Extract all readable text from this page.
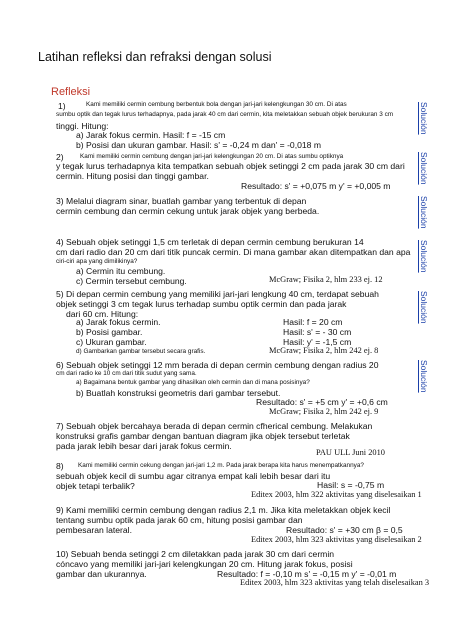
Latihan refleksi dan refraksi dengan solusi
Refleksi
1)	Kami memiliki cermin cembung berbentuk bola dengan jari-jari kelengkungan 30 cm. Di atas
sumbu optik dan tegak lurus terhadapnya, pada jarak 40 cm dari cermin, kita meletakkan sebuah objek berukuran 3 cm
tinggi. Hitung:
a) Jarak fokus cermin. Hasil: f = -15 cm
b) Posisi dan ukuran gambar. Hasil: s' = -0,24 m dan' = -0,018 m
2)	Kami memiliki cermin cembung dengan jari-jari kelengkungan 20 cm. Di atas sumbu optiknya
y tegak lurus terhadapnya kita tempatkan sebuah objek setinggi 2 cm pada jarak 30 cm dari
cermin. Hitung posisi dan tinggi gambar.
Resultado: s' = +0,075 m y' = +0,005 m
3) Melalui diagram sinar, buatlah gambar yang terbentuk di depan
cermin cembung dan cermin cekung untuk jarak objek yang berbeda.
4) Sebuah objek setinggi 1,5 cm terletak di depan cermin cembung berukuran 14
cm dari radio dan 20 cm dari titik puncak cermin. Di mana gambar akan ditempatkan dan apa
ciri-ciri apa yang dimilikinya?
a) Cermin itu cembung.
c) Cermin tersebut cembung.	McGraw; Fisika 2, hlm 233 ej. 12
5) Di depan cermin cembung yang memiliki jari-jari lengkung 40 cm, terdapat sebuah
objek setinggi 3 cm tegak lurus terhadap sumbu optik cermin dan pada jarak
dari 60 cm. Hitung:
a) Jarak fokus cermin.	Hasil: f = 20 cm
b) Posisi gambar.	Hasil: s' = - 30 cm
c) Ukuran gambar.	Hasil: y' = -1,5 cm
d) Gambarkan gambar tersebut secara grafis.	McGraw; Fisika 2, hlm 242 ej. 8
6) Sebuah objek setinggi 12 mm berada di depan cermin cembung dengan radius 20
cm dari radio ke 10 cm dari titik sudut yang sama.
a) Bagaimana bentuk gambar yang dihasilkan oleh cermin dan di mana posisinya?
b) Buatlah konstruksi geometris dari gambar tersebut.
Resultado: s' = +5 cm y' = +0,6 cm
McGraw; Fisika 2, hlm 242 ej. 9
7) Sebuah objek bercahaya berada di depan cermin cfherical cembung. Melakukan
konstruksi grafis gambar dengan bantuan diagram jika objek tersebut terletak
pada jarak lebih besar dari jarak fokus cermin.
PAU ULL Juni 2010
8) Kami memiliki cermin cekung dengan jari-jari 1,2 m. Pada jarak berapa kita harus menempatkannya?
sebuah objek kecil di sumbu agar citranya empat kali lebih besar dari itu
objek tetapi terbalik?	Hasil: s = -0,75 m
Editex 2003, hlm 322 aktivitas yang diselesaikan 1
9) Kami memiliki cermin cembung dengan radius 2,1 m. Jika kita meletakkan objek kecil
tentang sumbu optik pada jarak 60 cm, hitung posisi gambar dan
pembesaran lateral.	Resultado: s' = +30 cm β = 0,5
Editex 2003, hlm 323 aktivitas yang diselesaikan 2
10) Sebuah benda setinggi 2 cm diletakkan pada jarak 30 cm dari cermin
cóncavo yang memiliki jari-jari kelengkungan 20 cm. Hitung jarak fokus, posisi
gambar dan ukurannya.	Resultado: f = -0,10 m s' = -0,15 m y' = -0,01 m
Editex 2003, hlm 323 aktivitas yang telah diselesaikan 3
Solución
Solución
Solución
Solución
Solución
Solución
